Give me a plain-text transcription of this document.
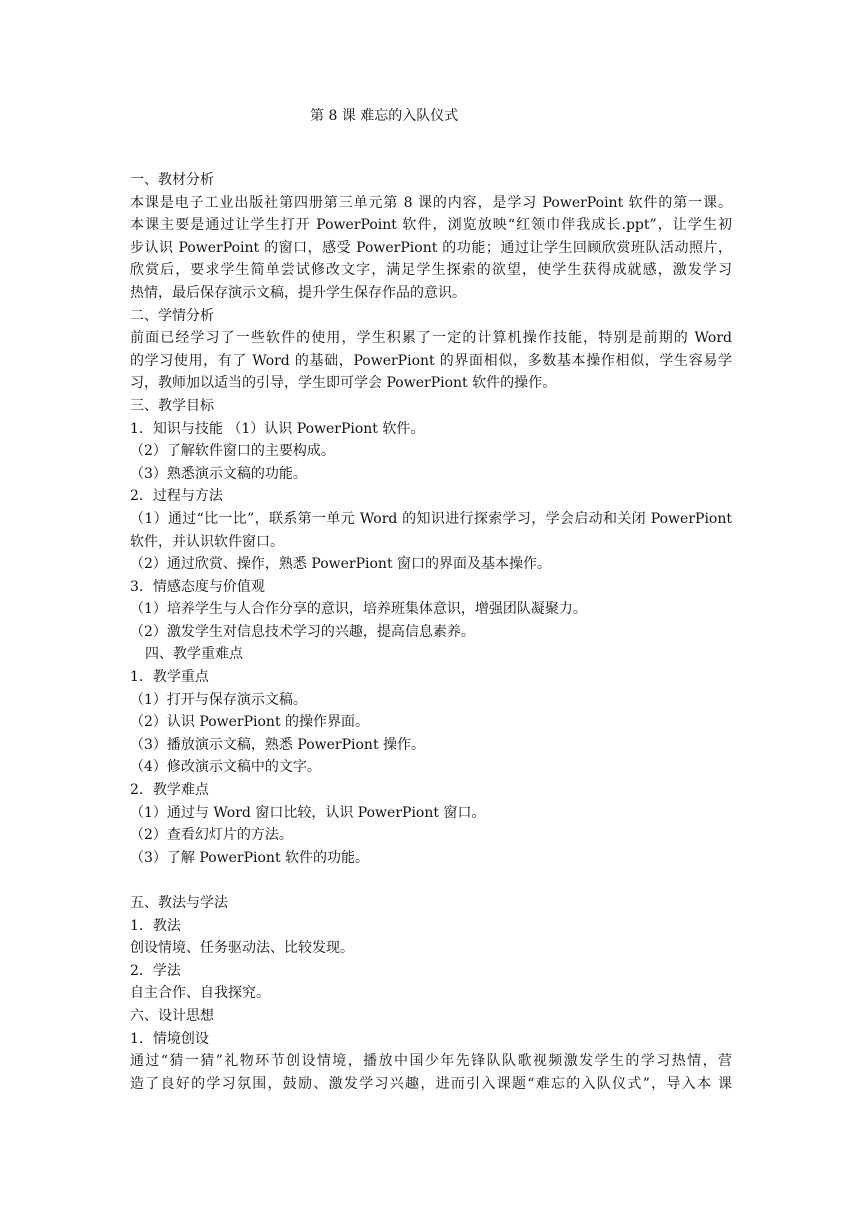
第 8 课 难忘的入队仪式
一、教材分析
本课是电子工业出版社第四册第三单元第 8 课的内容，是学习 PowerPoint 软件的第一课。
本课主要是通过让学生打开 PowerPoint 软件，浏览放映“红领巾伴我成长.ppt”，让学生初
步认识 PowerPoint 的窗口，感受 PowerPiont 的功能；通过让学生回顾欣赏班队活动照片，
欣赏后，要求学生简单尝试修改文字，满足学生探索的欲望，使学生获得成就感，激发学习
热情，最后保存演示文稿，提升学生保存作品的意识。
二、学情分析
前面已经学习了一些软件的使用，学生积累了一定的计算机操作技能，特别是前期的 Word
的学习使用，有了 Word 的基础，PowerPiont 的界面相似，多数基本操作相似，学生容易学
习，教师加以适当的引导，学生即可学会 PowerPiont 软件的操作。
三、教学目标
1．知识与技能 （1）认识 PowerPiont 软件。
（2）了解软件窗口的主要构成。
（3）熟悉演示文稿的功能。
2．过程与方法
（1）通过“比一比”，联系第一单元 Word 的知识进行探索学习，学会启动和关闭 PowerPiont
软件，并认识软件窗口。
（2）通过欣赏、操作，熟悉 PowerPiont 窗口的界面及基本操作。
3．情感态度与价值观
（1）培养学生与人合作分享的意识，培养班集体意识，增强团队凝聚力。
（2）激发学生对信息技术学习的兴趣，提高信息素养。
四、教学重难点
1．教学重点
（1）打开与保存演示文稿。
（2）认识 PowerPiont 的操作界面。
（3）播放演示文稿，熟悉 PowerPiont 操作。
（4）修改演示文稿中的文字。
2．教学难点
（1）通过与 Word 窗口比较，认识 PowerPiont 窗口。
（2）查看幻灯片的方法。
（3）了解 PowerPiont 软件的功能。
五、教法与学法
1．教法
创设情境、任务驱动法、比较发现。
2．学法
自主合作、自我探究。
六、设计思想
1．情境创设
通过“猜一猜”礼物环节创设情境，播放中国少年先锋队队歌视频激发学生的学习热情，营
造了良好的学习氛围，鼓励、激发学习兴趣，进而引入课题“难忘的入队仪式”，导入本 课
